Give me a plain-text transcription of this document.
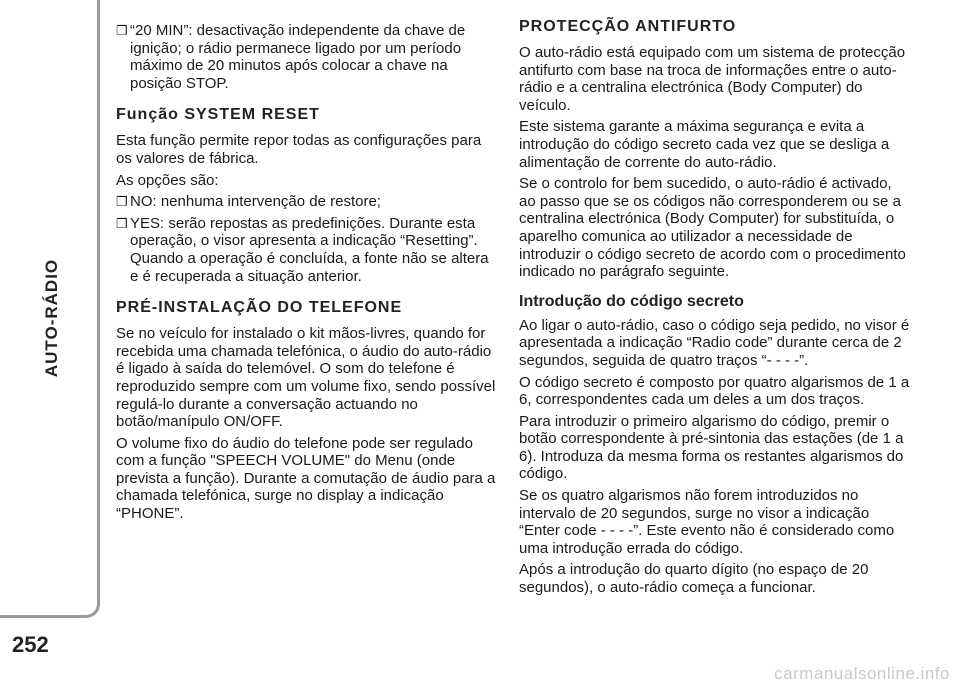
AUTO-RÁDIO
252
❒ “20 MIN”: desactivação independente da chave de ignição; o rádio permanece ligado por um período máximo de 20 minutos após colocar a chave na posição STOP.
Função SYSTEM RESET

Esta função permite repor todas as configurações para os valores de fábrica.

As opções são:

❒ NO: nenhuma intervenção de restore;
❒ YES: serão repostas as predefinições. Durante esta operação, o visor apresenta a indicação “Resetting”. Quando a operação é concluída, a fonte não se altera e é recuperada a situação anterior.
PRÉ-INSTALAÇÃO DO TELEFONE

Se no veículo for instalado o kit mãos-livres, quando for recebida uma chamada telefónica, o áudio do auto-rádio é ligado à saída do telemóvel. O som do telefone é reproduzido sempre com um volume fixo, sendo possível regulá-lo durante a conversação actuando no botão/manípulo ON/OFF.

O volume fixo do áudio do telefone pode ser regulado com a função "SPEECH VOLUME" do Menu (onde prevista a função). Durante a comutação de áudio para a chamada telefónica, surge no display a indicação “PHONE”.

PROTECÇÃO ANTIFURTO

O auto-rádio está equipado com um sistema de protecção antifurto com base na troca de informações entre o auto-rádio e a centralina electrónica (Body Computer) do veículo.

Este sistema garante a máxima segurança e evita a introdução do código secreto cada vez que se desliga a alimentação de corrente do auto-rádio.

Se o controlo for bem sucedido, o auto-rádio é activado, ao passo que se os códigos não corresponderem ou se a centralina electrónica (Body Computer) for substituída, o aparelho comunica ao utilizador a necessidade de introduzir o código secreto de acordo com o procedimento indicado no parágrafo seguinte.

Introdução do código secreto

Ao ligar o auto-rádio, caso o código seja pedido, no visor é apresentada a indicação “Radio code” durante cerca de 2 segundos, seguida de quatro traços “- - - -”.

O código secreto é composto por quatro algarismos de 1 a 6, correspondentes cada um deles a um dos traços.

Para introduzir o primeiro algarismo do código, premir o botão correspondente à pré-sintonia das estações (de 1 a 6). Introduza da mesma forma os restantes algarismos do código.

Se os quatro algarismos não forem introduzidos no intervalo de 20 segundos, surge no visor a indicação “Enter code - - - -”. Este evento não é considerado como uma introdução errada do código.

Após a introdução do quarto dígito (no espaço de 20 segundos), o auto-rádio começa a funcionar.

carmanualsonline.info
